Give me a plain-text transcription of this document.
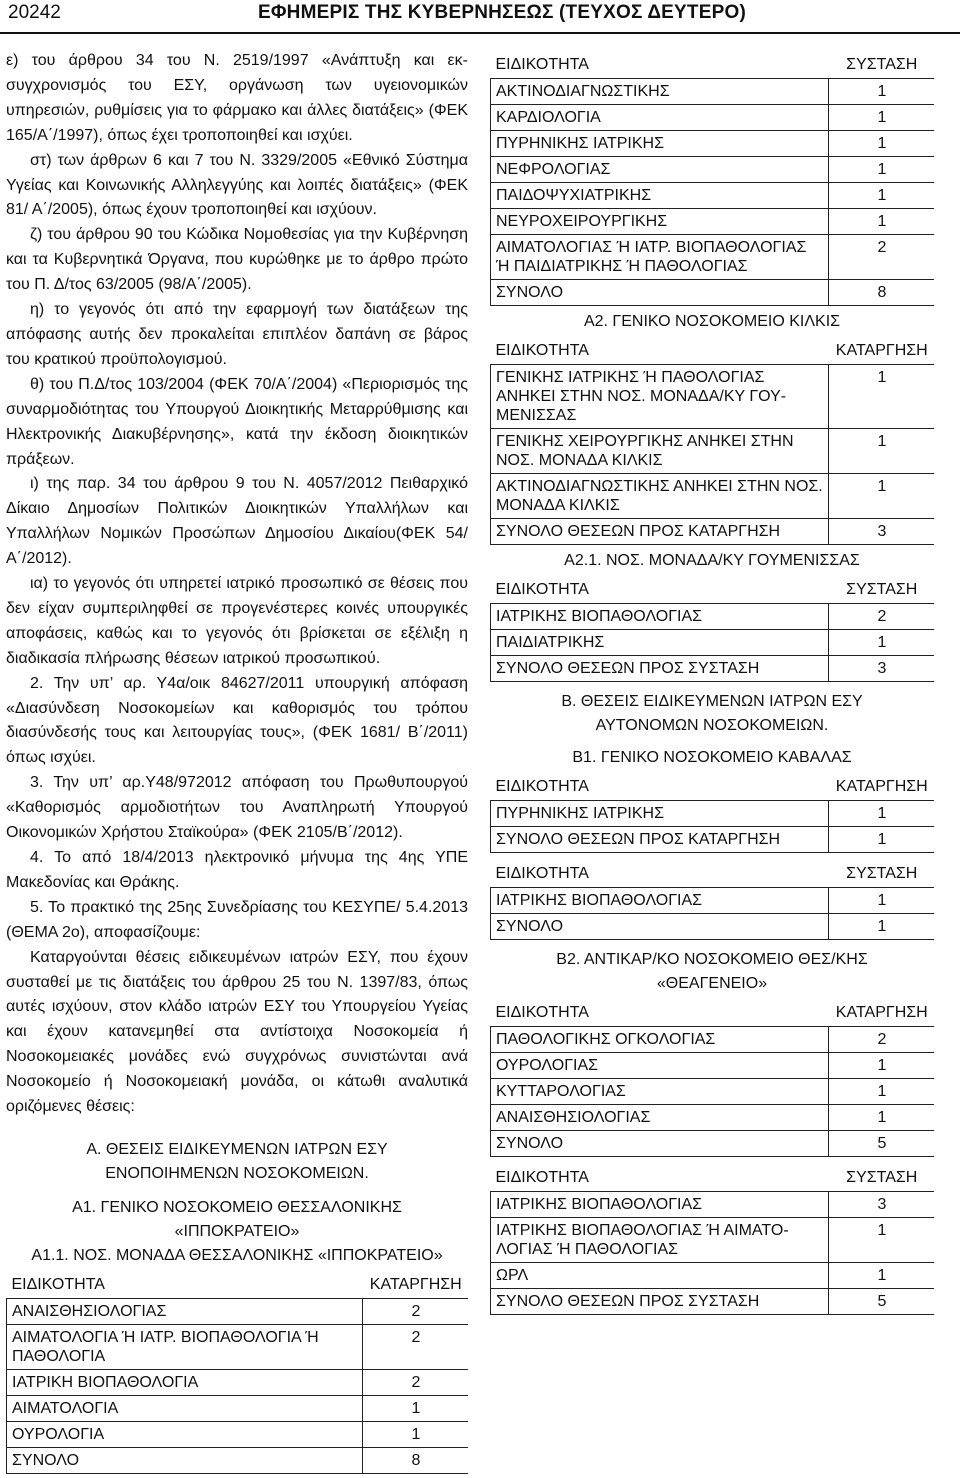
20242	ΕΦΗΜΕΡΙΣ ΤΗΣ ΚΥΒΕΡΝΗΣΕΩΣ (ΤΕΥΧΟΣ ΔΕΥΤΕΡΟ)

ε) του άρθρου 34 του Ν. 2519/1997 «Ανάπτυξη και εκσυγχρονισμός του ΕΣΥ, οργάνωση των υγειονομικών υπηρεσιών, ρυθμίσεις για το φάρμακο και άλλες διατάξεις» (ΦΕΚ 165/Α΄/1997), όπως έχει τροποποιηθεί και ισχύει.

στ) των άρθρων 6 και 7 του Ν. 3329/2005 «Εθνικό Σύστημα Υγείας και Κοινωνικής Αλληλεγγύης και λοιπές διατάξεις» (ΦΕΚ 81/ Α΄/2005), όπως έχουν τροποποιηθεί και ισχύουν.

ζ) του άρθρου 90 του Κώδικα Νομοθεσίας για την Κυβέρνηση και τα Κυβερνητικά Όργανα, που κυρώθηκε με το άρθρο πρώτο του Π. Δ/τος 63/2005 (98/Α΄/2005).

η) το γεγονός ότι από την εφαρμογή των διατάξεων της απόφασης αυτής δεν προκαλείται επιπλέον δαπάνη σε βάρος του κρατικού προϋπολογισμού.

θ) του Π.Δ/τος 103/2004 (ΦΕΚ 70/Α΄/2004) «Περιορισμός της συναρμοδιότητας του Υπουργού Διοικητικής Μεταρρύθμισης και Ηλεκτρονικής Διακυβέρνησης», κατά την έκδοση διοικητικών πράξεων.

ι) της παρ. 34 του άρθρου 9 του Ν. 4057/2012 Πειθαρχικό Δίκαιο Δημοσίων Πολιτικών Διοικητικών Υπαλλήλων και Υπαλλήλων Νομικών Προσώπων Δημοσίου Δικαίου(ΦΕΚ 54/Α΄/2012).

ια) το γεγονός ότι υπηρετεί ιατρικό προσωπικό σε θέσεις που δεν είχαν συμπεριληφθεί σε προγενέστερες κοινές υπουργικές αποφάσεις, καθώς και το γεγονός ότι βρίσκεται σε εξέλιξη η διαδικασία πλήρωσης θέσεων ιατρικού προσωπικού.

2. Την υπ’ αρ. Υ4α/οικ 84627/2011 υπουργική απόφαση «Διασύνδεση Νοσοκομείων και καθορισμός του τρόπου διασύνδεσής τους και λειτουργίας τους», (ΦΕΚ 1681/ Β΄/2011) όπως ισχύει.

3. Την υπ’ αρ.Υ48/972012 απόφαση του Πρωθυπουργού «Καθορισμός αρμοδιοτήτων του Αναπληρωτή Υπουργού Οικονομικών Χρήστου Σταϊκούρα» (ΦΕΚ 2105/Β΄/2012).

4. Το από 18/4/2013 ηλεκτρονικό μήνυμα της 4ης ΥΠΕ Μακεδονίας και Θράκης.

5. Το πρακτικό της 25ης Συνεδρίασης του ΚΕΣΥΠΕ/ 5.4.2013 (ΘΕΜΑ 2ο), αποφασίζουμε:

Καταργούνται θέσεις ειδικευμένων ιατρών ΕΣΥ, που έχουν συσταθεί με τις διατάξεις του άρθρου 25 του Ν. 1397/83, όπως αυτές ισχύουν, στον κλάδο ιατρών ΕΣΥ του Υπουργείου Υγείας και έχουν κατανεμηθεί στα αντίστοιχα Νοσοκομεία ή Νοσοκομειακές μονάδες ενώ συγχρόνως συνιστώνται ανά Νοσοκομείο ή Νοσοκομειακή μονάδα, οι κάτωθι αναλυτικά οριζόμενες θέσεις:

Α. ΘΕΣΕΙΣ ΕΙΔΙΚΕΥΜΕΝΩΝ ΙΑΤΡΩΝ ΕΣΥ
ΕΝΟΠΟΙΗΜΕΝΩΝ ΝΟΣΟΚΟΜΕΙΩΝ.
Α1. ΓΕΝΙΚΟ ΝΟΣΟΚΟΜΕΙΟ ΘΕΣΣΑΛΟΝΙΚΗΣ
«ΙΠΠΟΚΡΑΤΕΙΟ»
Α1.1. ΝΟΣ. ΜΟΝΑΔΑ ΘΕΣΣΑΛΟΝΙΚΗΣ «ΙΠΠΟΚΡΑΤΕΙΟ»
ΕΙΔΙΚΟΤΗΤΑ	ΚΑΤΑΡΓΗΣΗ
ΑΝΑΙΣΘΗΣΙΟΛΟΓΙΑΣ	2
ΑΙΜΑΤΟΛΟΓΙΑ Ή ΙΑΤΡ. ΒΙΟΠΑΘΟΛΟΓΙΑ Ή ΠΑΘΟΛΟΓΙΑ	2
ΙΑΤΡΙΚΗ ΒΙΟΠΑΘΟΛΟΓΙΑ	2
ΑΙΜΑΤΟΛΟΓΙΑ	1
ΟΥΡΟΛΟΓΙΑ	1
ΣΥΝΟΛΟ	8
ΕΙΔΙΚΟΤΗΤΑ	ΣΥΣΤΑΣΗ
ΑΚΤΙΝΟΔΙΑΓΝΩΣΤΙΚΗΣ	1
ΚΑΡΔΙΟΛΟΓΙΑ	1
ΠΥΡΗΝΙΚΗΣ ΙΑΤΡΙΚΗΣ	1
ΝΕΦΡΟΛΟΓΙΑΣ	1
ΠΑΙΔΟΨΥΧΙΑΤΡΙΚΗΣ	1
ΝΕΥΡΟΧΕΙΡΟΥΡΓΙΚΗΣ	1
ΑΙΜΑΤΟΛΟΓΙΑΣ Ή ΙΑΤΡ. ΒΙΟΠΑΘΟΛΟΓΙΑΣ Ή ΠΑΙΔΙΑΤΡΙΚΗΣ Ή ΠΑΘΟΛΟΓΙΑΣ	2
ΣΥΝΟΛΟ	8
Α2. ΓΕΝΙΚΟ ΝΟΣΟΚΟΜΕΙΟ ΚΙΛΚΙΣ
ΕΙΔΙΚΟΤΗΤΑ	ΚΑΤΑΡΓΗΣΗ
ΓΕΝΙΚΗΣ ΙΑΤΡΙΚΗΣ Ή ΠΑΘΟΛΟΓΙΑΣ ΑΝΗΚΕΙ ΣΤΗΝ ΝΟΣ. ΜΟΝΑΔΑ/ΚΥ ΓΟΥΜΕΝΙΣΣΑΣ	1
ΓΕΝΙΚΗΣ ΧΕΙΡΟΥΡΓΙΚΗΣ ΑΝΗΚΕΙ ΣΤΗΝ ΝΟΣ. ΜΟΝΑΔΑ ΚΙΛΚΙΣ	1
ΑΚΤΙΝΟΔΙΑΓΝΩΣΤΙΚΗΣ ΑΝΗΚΕΙ ΣΤΗΝ ΝΟΣ. ΜΟΝΑΔΑ ΚΙΛΚΙΣ	1
ΣΥΝΟΛΟ ΘΕΣΕΩΝ ΠΡΟΣ ΚΑΤΑΡΓΗΣΗ	3
Α2.1. ΝΟΣ. ΜΟΝΑΔΑ/ΚΥ ΓΟΥΜΕΝΙΣΣΑΣ
ΕΙΔΙΚΟΤΗΤΑ	ΣΥΣΤΑΣΗ
ΙΑΤΡΙΚΗΣ ΒΙΟΠΑΘΟΛΟΓΙΑΣ	2
ΠΑΙΔΙΑΤΡΙΚΗΣ	1
ΣΥΝΟΛΟ ΘΕΣΕΩΝ ΠΡΟΣ ΣΥΣΤΑΣΗ	3
Β. ΘΕΣΕΙΣ ΕΙΔΙΚΕΥΜΕΝΩΝ ΙΑΤΡΩΝ ΕΣΥ
ΑΥΤΟΝΟΜΩΝ ΝΟΣΟΚΟΜΕΙΩΝ.
Β1. ΓΕΝΙΚΟ ΝΟΣΟΚΟΜΕΙΟ ΚΑΒΑΛΑΣ
ΕΙΔΙΚΟΤΗΤΑ	ΚΑΤΑΡΓΗΣΗ
ΠΥΡΗΝΙΚΗΣ ΙΑΤΡΙΚΗΣ	1
ΣΥΝΟΛΟ ΘΕΣΕΩΝ ΠΡΟΣ ΚΑΤΑΡΓΗΣΗ	1
ΕΙΔΙΚΟΤΗΤΑ	ΣΥΣΤΑΣΗ
ΙΑΤΡΙΚΗΣ ΒΙΟΠΑΘΟΛΟΓΙΑΣ	1
ΣΥΝΟΛΟ	1
Β2. ΑΝΤΙΚΑΡ/ΚΟ ΝΟΣΟΚΟΜΕΙΟ ΘΕΣ/ΚΗΣ
«ΘΕΑΓΕΝΕΙΟ»
ΕΙΔΙΚΟΤΗΤΑ	ΚΑΤΑΡΓΗΣΗ
ΠΑΘΟΛΟΓΙΚΗΣ ΟΓΚΟΛΟΓΙΑΣ	2
ΟΥΡΟΛΟΓΙΑΣ	1
ΚΥΤΤΑΡΟΛΟΓΙΑΣ	1
ΑΝΑΙΣΘΗΣΙΟΛΟΓΙΑΣ	1
ΣΥΝΟΛΟ	5
ΕΙΔΙΚΟΤΗΤΑ	ΣΥΣΤΑΣΗ
ΙΑΤΡΙΚΗΣ ΒΙΟΠΑΘΟΛΟΓΙΑΣ	3
ΙΑΤΡΙΚΗΣ ΒΙΟΠΑΘΟΛΟΓΙΑΣ Ή ΑΙΜΑΤΟΛΟΓΙΑΣ Ή ΠΑΘΟΛΟΓΙΑΣ	1
ΩΡΛ	1
ΣΥΝΟΛΟ ΘΕΣΕΩΝ ΠΡΟΣ ΣΥΣΤΑΣΗ	5
